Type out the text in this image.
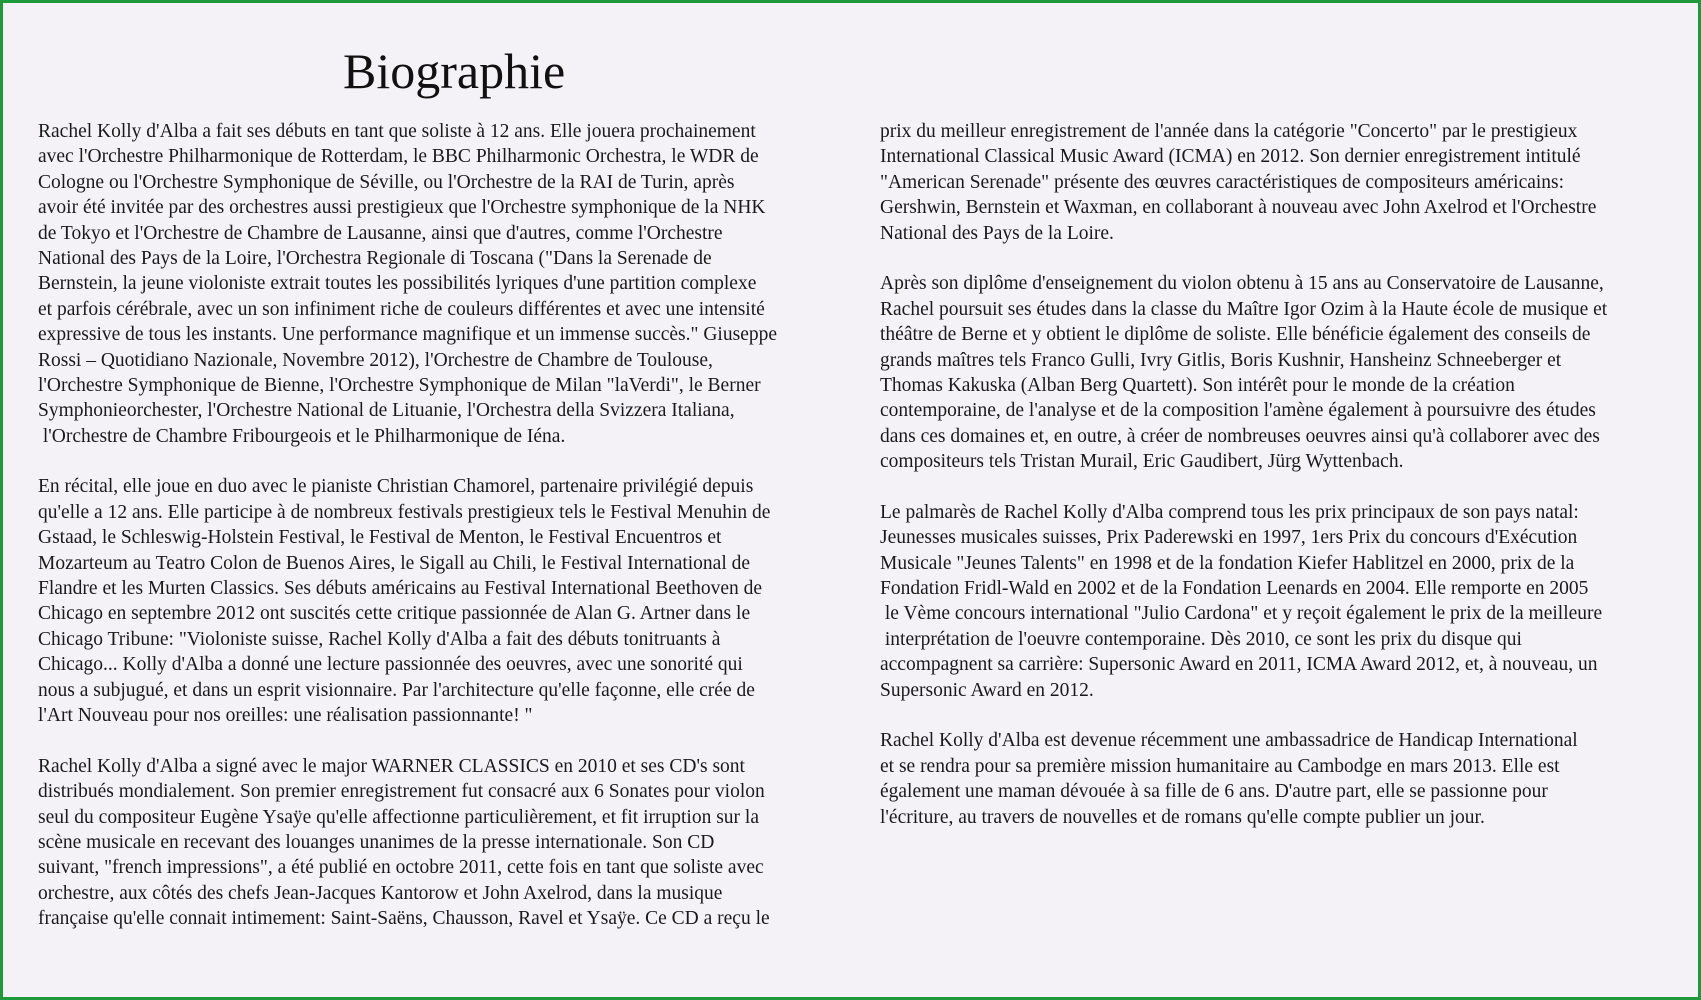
Biographie
Rachel Kolly d'Alba a fait ses débuts en tant que soliste à 12 ans. Elle jouera prochainement
avec l'Orchestre Philharmonique de Rotterdam, le BBC Philharmonic Orchestra, le WDR de
Cologne ou l'Orchestre Symphonique de Séville, ou l'Orchestre de la RAI de Turin, après
avoir été invitée par des orchestres aussi prestigieux que l'Orchestre symphonique de la NHK
de Tokyo et l'Orchestre de Chambre de Lausanne, ainsi que d'autres, comme l'Orchestre
National des Pays de la Loire, l'Orchestra Regionale di Toscana ("Dans la Serenade de
Bernstein, la jeune violoniste extrait toutes les possibilités lyriques d'une partition complexe
et parfois cérébrale, avec un son infiniment riche de couleurs différentes et avec une intensité
expressive de tous les instants. Une performance magnifique et un immense succès." Giuseppe
Rossi – Quotidiano Nazionale, Novembre 2012), l'Orchestre de Chambre de Toulouse,
l'Orchestre Symphonique de Bienne, l'Orchestre Symphonique de Milan "laVerdi", le Berner
Symphonieorchester, l'Orchestre National de Lituanie, l'Orchestra della Svizzera Italiana,
l'Orchestre de Chambre Fribourgeois et le Philharmonique de Iéna.
En récital, elle joue en duo avec le pianiste Christian Chamorel, partenaire privilégié depuis
qu'elle a 12 ans. Elle participe à de nombreux festivals prestigieux tels le Festival Menuhin de
Gstaad, le Schleswig-Holstein Festival, le Festival de Menton, le Festival Encuentros et
Mozarteum au Teatro Colon de Buenos Aires, le Sigall au Chili, le Festival International de
Flandre et les Murten Classics. Ses débuts américains au Festival International Beethoven de
Chicago en septembre 2012 ont suscités cette critique passionnée de Alan G. Artner dans le
Chicago Tribune: "Violoniste suisse, Rachel Kolly d'Alba a fait des débuts tonitruants à
Chicago... Kolly d'Alba a donné une lecture passionnée des oeuvres, avec une sonorité qui
nous a subjugué, et dans un esprit visionnaire. Par l'architecture qu'elle façonne, elle crée de
l'Art Nouveau pour nos oreilles: une réalisation passionnante! "
Rachel Kolly d'Alba a signé avec le major WARNER CLASSICS en 2010 et ses CD's sont
distribués mondialement. Son premier enregistrement fut consacré aux 6 Sonates pour violon
seul du compositeur Eugène Ysaÿe qu'elle affectionne particulièrement, et fit irruption sur la
scène musicale en recevant des louanges unanimes de la presse internationale. Son CD
suivant, "french impressions", a été publié en octobre 2011, cette fois en tant que soliste avec
orchestre, aux côtés des chefs Jean-Jacques Kantorow et John Axelrod, dans la musique
française qu'elle connait intimement: Saint-Saëns, Chausson, Ravel et Ysaÿe. Ce CD a reçu le
prix du meilleur enregistrement de l'année dans la catégorie "Concerto" par le prestigieux
International Classical Music Award (ICMA) en 2012. Son dernier enregistrement intitulé
"American Serenade" présente des œuvres caractéristiques de compositeurs américains:
Gershwin, Bernstein et Waxman, en collaborant à nouveau avec John Axelrod et l'Orchestre
National des Pays de la Loire.
Après son diplôme d'enseignement du violon obtenu à 15 ans au Conservatoire de Lausanne,
Rachel poursuit ses études dans la classe du Maître Igor Ozim à la Haute école de musique et
théâtre de Berne et y obtient le diplôme de soliste. Elle bénéficie également des conseils de
grands maîtres tels Franco Gulli, Ivry Gitlis, Boris Kushnir, Hansheinz Schneeberger et
Thomas Kakuska (Alban Berg Quartett). Son intérêt pour le monde de la création
contemporaine, de l'analyse et de la composition l'amène également à poursuivre des études
dans ces domaines et, en outre, à créer de nombreuses oeuvres ainsi qu'à collaborer avec des
compositeurs tels Tristan Murail, Eric Gaudibert, Jürg Wyttenbach.
Le palmarès de Rachel Kolly d'Alba comprend tous les prix principaux de son pays natal:
Jeunesses musicales suisses, Prix Paderewski en 1997, 1ers Prix du concours d'Exécution
Musicale "Jeunes Talents" en 1998 et de la fondation Kiefer Hablitzel en 2000, prix de la
Fondation Fridl-Wald en 2002 et de la Fondation Leenards en 2004. Elle remporte en 2005
le Vème concours international "Julio Cardona" et y reçoit également le prix de la meilleure
interprétation de l'oeuvre contemporaine. Dès 2010, ce sont les prix du disque qui
accompagnent sa carrière: Supersonic Award en 2011, ICMA Award 2012, et, à nouveau, un
Supersonic Award en 2012.
Rachel Kolly d'Alba est devenue récemment une ambassadrice de Handicap International
et se rendra pour sa première mission humanitaire au Cambodge en mars 2013. Elle est
également une maman dévouée à sa fille de 6 ans. D'autre part, elle se passionne pour
l'écriture, au travers de nouvelles et de romans qu'elle compte publier un jour.
